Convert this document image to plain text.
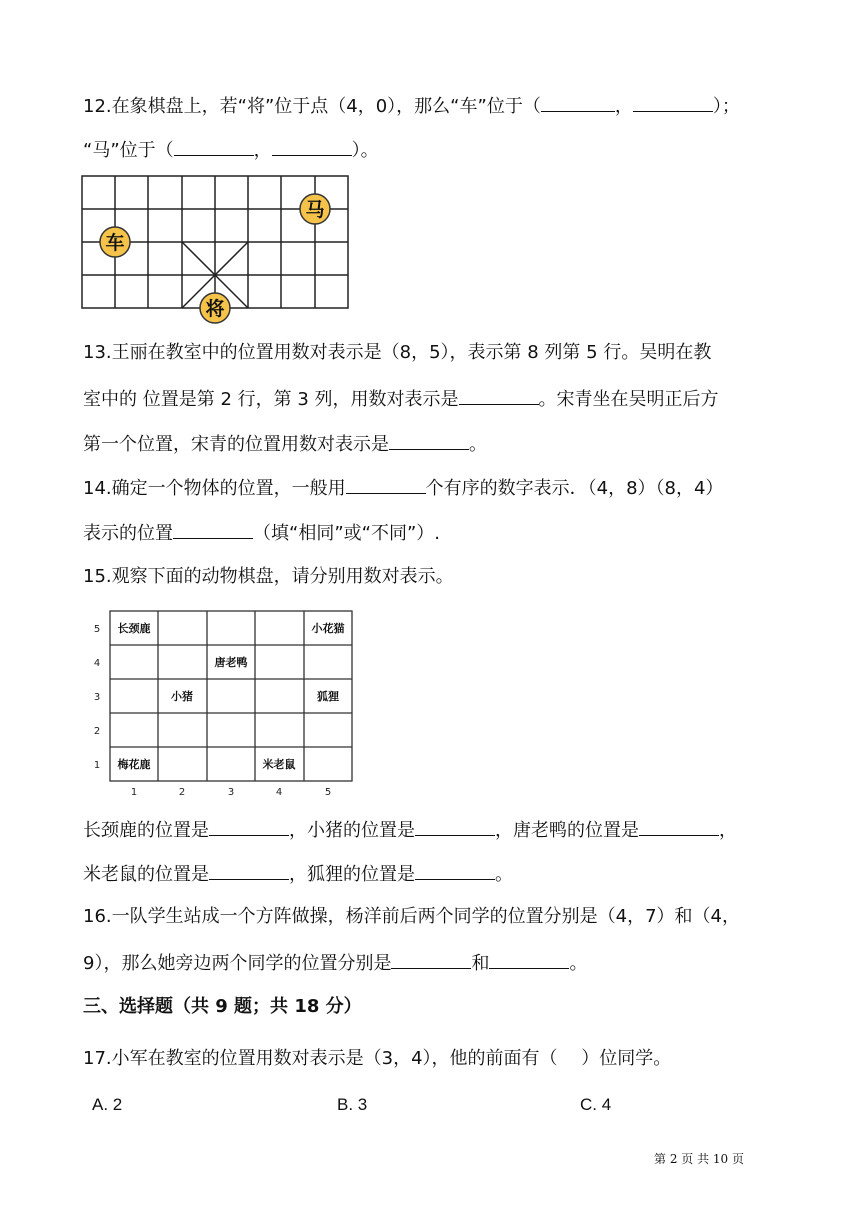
12.在象棋盘上，若“将”位于点（4，0），那么“车”位于（	，	）；
“马”位于（	，	）。
车
马
将
13.王丽在教室中的位置用数对表示是（8，5），表示第 8 列第 5 行。吴明在教
室中的 位置是第 2 行，第 3 列，用数对表示是	。宋青坐在吴明正后方
第一个位置，宋青的位置用数对表示是	。
14.确定一个物体的位置，一般用	个有序的数字表示．（4，8）（8，4）
表示的位置	（填“相同”或“不同”）.
15.观察下面的动物棋盘，请分别用数对表示。
5
4
3
2
1
1	2	3	4	5
长颈鹿	小花猫
唐老鸭
小猪	狐狸
梅花鹿	米老鼠
长颈鹿的位置是	，小猪的位置是	，唐老鸭的位置是	，
米老鼠的位置是	，狐狸的位置是	。
16.一队学生站成一个方阵做操，杨洋前后两个同学的位置分别是（4，7）和（4，
9），那么她旁边两个同学的位置分别是	和	。
三、选择题（共 9 题；共 18 分）
17.小军在教室的位置用数对表示是（3，4），他的前面有（　 ）位同学。
A. 2	B. 3	C. 4
第 2 页 共 10 页
